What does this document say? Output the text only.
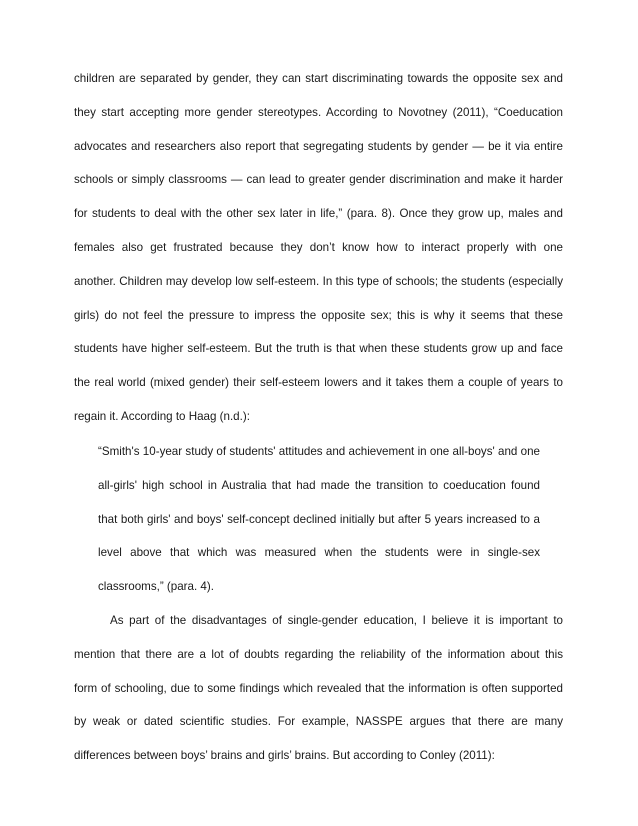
children are separated by gender, they can start discriminating towards the opposite sex and
they start accepting more gender stereotypes. According to Novotney (2011), “Coeducation
advocates and researchers also report that segregating students by gender — be it via entire
schools or simply classrooms — can lead to greater gender discrimination and make it harder
for students to deal with the other sex later in life,” (para. 8). Once they grow up, males and
females also get frustrated because they don’t know how to interact properly with one
another. Children may develop low self-esteem. In this type of schools; the students (especially
girls) do not feel the pressure to impress the opposite sex; this is why it seems that these
students have higher self-esteem. But the truth is that when these students grow up and face
the real world (mixed gender) their self-esteem lowers and it takes them a couple of years to
regain it. According to Haag (n.d.):
“Smith's 10-year study of students' attitudes and achievement in one all-boys' and one
all-girls' high school in Australia that had made the transition to coeducation found
that both girls' and boys' self-concept declined initially but after 5 years increased to a
level above that which was measured when the students were in single-sex
classrooms,” (para. 4).
As part of the disadvantages of single-gender education, I believe it is important to
mention that there are a lot of doubts regarding the reliability of the information about this
form of schooling, due to some findings which revealed that the information is often supported
by weak or dated scientific studies. For example, NASSPE argues that there are many
differences between boys’ brains and girls’ brains. But according to Conley (2011):
